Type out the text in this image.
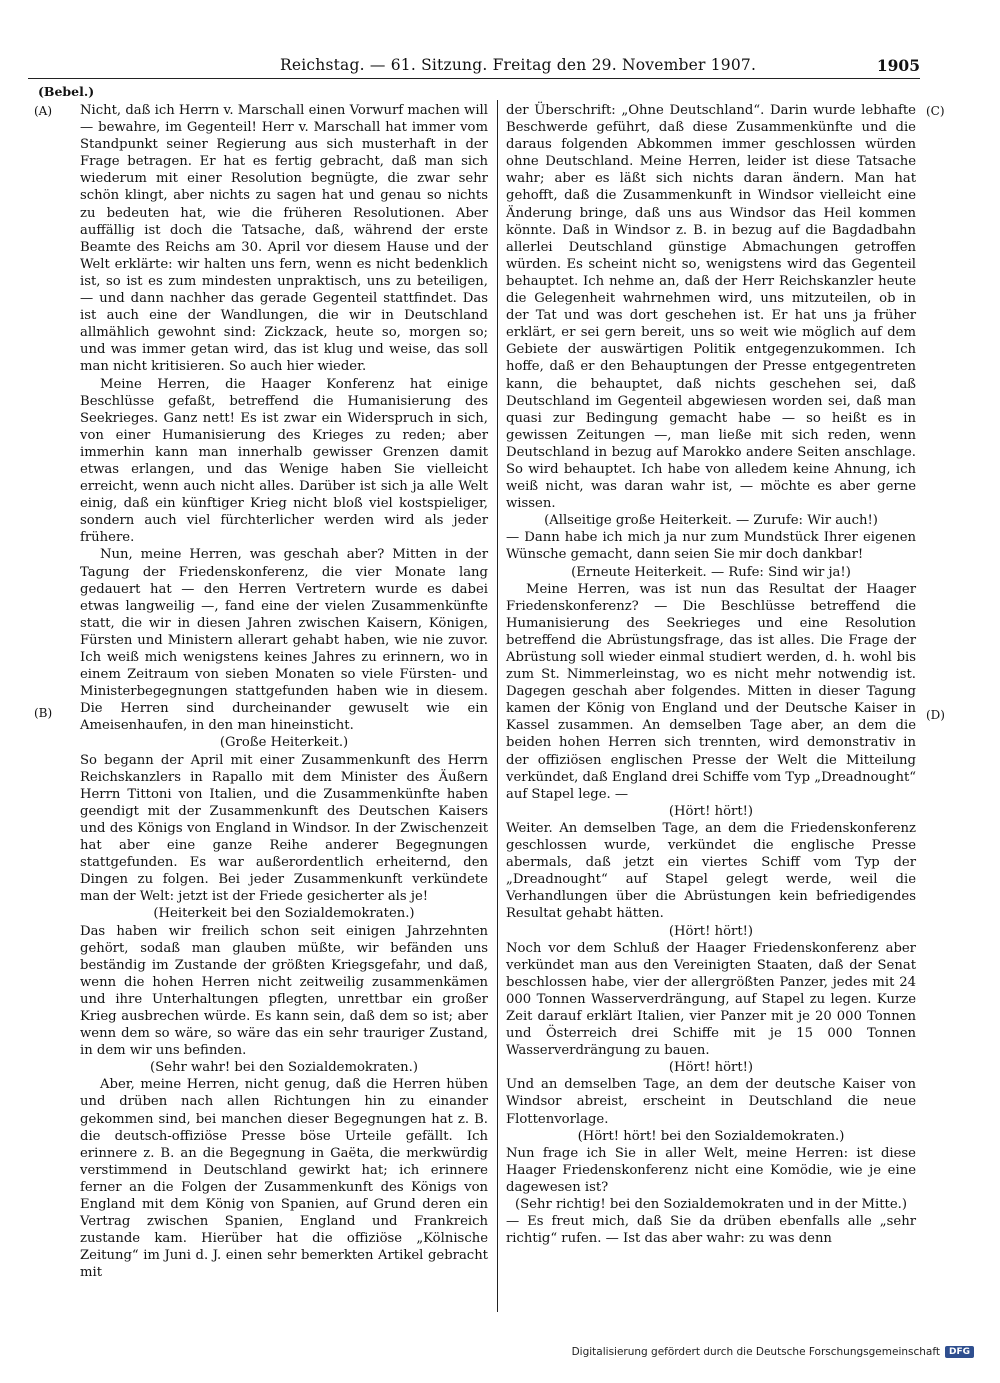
Reichstag. — 61. Sitzung. Freitag den 29. November 1907.	1905
(Bebel.)
(A)
(B)
(C)
(D)

Nicht, daß ich Herrn v. Marschall einen Vorwurf machen will — bewahre, im Gegenteil! Herr v. Marschall hat immer vom Standpunkt seiner Regierung aus sich musterhaft in der Frage betragen. Er hat es fertig gebracht, daß man sich wiederum mit einer Resolution begnügte, die zwar sehr schön klingt, aber nichts zu sagen hat und genau so nichts zu bedeuten hat, wie die früheren Resolutionen. Aber auffällig ist doch die Tatsache, daß, während der erste Beamte des Reichs am 30. April vor diesem Hause und der Welt erklärte: wir halten uns fern, wenn es nicht bedenklich ist, so ist es zum mindesten unpraktisch, uns zu beteiligen, — und dann nachher das gerade Gegenteil stattfindet. Das ist auch eine der Wandlungen, die wir in Deutschland allmählich gewohnt sind: Zickzack, heute so, morgen so; und was immer getan wird, das ist klug und weise, das soll man nicht kritisieren. So auch hier wieder.

Meine Herren, die Haager Konferenz hat einige Beschlüsse gefaßt, betreffend die Humanisierung des Seekrieges. Ganz nett! Es ist zwar ein Widerspruch in sich, von einer Humanisierung des Krieges zu reden; aber immerhin kann man innerhalb gewisser Grenzen damit etwas erlangen, und das Wenige haben Sie vielleicht erreicht, wenn auch nicht alles. Darüber ist sich ja alle Welt einig, daß ein künftiger Krieg nicht bloß viel kostspieliger, sondern auch viel fürchterlicher werden wird als jeder frühere.

Nun, meine Herren, was geschah aber? Mitten in der Tagung der Friedenskonferenz, die vier Monate lang gedauert hat — den Herren Vertretern wurde es dabei etwas langweilig —, fand eine der vielen Zusammenkünfte statt, die wir in diesen Jahren zwischen Kaisern, Königen, Fürsten und Ministern allerart gehabt haben, wie nie zuvor. Ich weiß mich wenigstens keines Jahres zu erinnern, wo in einem Zeitraum von sieben Monaten so viele Fürsten- und Ministerbegegnungen stattgefunden haben wie in diesem. Die Herren sind durcheinander gewuselt wie ein Ameisenhaufen, in den man hineinsticht.

(Große Heiterkeit.)

So begann der April mit einer Zusammenkunft des Herrn Reichskanzlers in Rapallo mit dem Minister des Äußern Herrn Tittoni von Italien, und die Zusammenkünfte haben geendigt mit der Zusammenkunft des Deutschen Kaisers und des Königs von England in Windsor. In der Zwischenzeit hat aber eine ganze Reihe anderer Begegnungen stattgefunden. Es war außerordentlich erheiternd, den Dingen zu folgen. Bei jeder Zusammenkunft verkündete man der Welt: jetzt ist der Friede gesicherter als je!

(Heiterkeit bei den Sozialdemokraten.)

Das haben wir freilich schon seit einigen Jahrzehnten gehört, sodaß man glauben müßte, wir befänden uns beständig im Zustande der größten Kriegsgefahr, und daß, wenn die hohen Herren nicht zeitweilig zusammenkämen und ihre Unterhaltungen pflegten, unrettbar ein großer Krieg ausbrechen würde. Es kann sein, daß dem so ist; aber wenn dem so wäre, so wäre das ein sehr trauriger Zustand, in dem wir uns befinden.

(Sehr wahr! bei den Sozialdemokraten.)

Aber, meine Herren, nicht genug, daß die Herren hüben und drüben nach allen Richtungen hin zu einander gekommen sind, bei manchen dieser Begegnungen hat z. B. die deutsch-offiziöse Presse böse Urteile gefällt. Ich erinnere z. B. an die Begegnung in Gaëta, die merkwürdig verstimmend in Deutschland gewirkt hat; ich erinnere ferner an die Folgen der Zusammenkunft des Königs von England mit dem König von Spanien, auf Grund deren ein Vertrag zwischen Spanien, England und Frankreich zustande kam. Hierüber hat die offiziöse „Kölnische Zeitung“ im Juni d. J. einen sehr bemerkten Artikel gebracht mit

der Überschrift: „Ohne Deutschland“. Darin wurde lebhafte Beschwerde geführt, daß diese Zusammenkünfte und die daraus folgenden Abkommen immer geschlossen würden ohne Deutschland. Meine Herren, leider ist diese Tatsache wahr; aber es läßt sich nichts daran ändern. Man hat gehofft, daß die Zusammenkunft in Windsor vielleicht eine Änderung bringe, daß uns aus Windsor das Heil kommen könnte. Daß in Windsor z. B. in bezug auf die Bagdadbahn allerlei Deutschland günstige Abmachungen getroffen würden. Es scheint nicht so, wenigstens wird das Gegenteil behauptet. Ich nehme an, daß der Herr Reichskanzler heute die Gelegenheit wahrnehmen wird, uns mitzuteilen, ob in der Tat und was dort geschehen ist. Er hat uns ja früher erklärt, er sei gern bereit, uns so weit wie möglich auf dem Gebiete der auswärtigen Politik entgegenzukommen. Ich hoffe, daß er den Behauptungen der Presse entgegentreten kann, die behauptet, daß nichts geschehen sei, daß Deutschland im Gegenteil abgewiesen worden sei, daß man quasi zur Bedingung gemacht habe — so heißt es in gewissen Zeitungen —, man ließe mit sich reden, wenn Deutschland in bezug auf Marokko andere Seiten anschlage. So wird behauptet. Ich habe von alledem keine Ahnung, ich weiß nicht, was daran wahr ist, — möchte es aber gerne wissen.

(Allseitige große Heiterkeit. — Zurufe: Wir auch!)

— Dann habe ich mich ja nur zum Mundstück Ihrer eigenen Wünsche gemacht, dann seien Sie mir doch dankbar!

(Erneute Heiterkeit. — Rufe: Sind wir ja!)

Meine Herren, was ist nun das Resultat der Haager Friedenskonferenz? — Die Beschlüsse betreffend die Humanisierung des Seekrieges und eine Resolution betreffend die Abrüstungsfrage, das ist alles. Die Frage der Abrüstung soll wieder einmal studiert werden, d. h. wohl bis zum St. Nimmerleinstag, wo es nicht mehr notwendig ist. Dagegen geschah aber folgendes. Mitten in dieser Tagung kamen der König von England und der Deutsche Kaiser in Kassel zusammen. An demselben Tage aber, an dem die beiden hohen Herren sich trennten, wird demonstrativ in der offiziösen englischen Presse der Welt die Mitteilung verkündet, daß England drei Schiffe vom Typ „Dreadnought“ auf Stapel lege. —

(Hört! hört!)

Weiter. An demselben Tage, an dem die Friedenskonferenz geschlossen wurde, verkündet die englische Presse abermals, daß jetzt ein viertes Schiff vom Typ der „Dreadnought“ auf Stapel gelegt werde, weil die Verhandlungen über die Abrüstungen kein befriedigendes Resultat gehabt hätten.

(Hört! hört!)

Noch vor dem Schluß der Haager Friedenskonferenz aber verkündet man aus den Vereinigten Staaten, daß der Senat beschlossen habe, vier der allergrößten Panzer, jedes mit 24 000 Tonnen Wasserverdrängung, auf Stapel zu legen. Kurze Zeit darauf erklärt Italien, vier Panzer mit je 20 000 Tonnen und Österreich drei Schiffe mit je 15 000 Tonnen Wasserverdrängung zu bauen.

(Hört! hört!)

Und an demselben Tage, an dem der deutsche Kaiser von Windsor abreist, erscheint in Deutschland die neue Flottenvorlage.

(Hört! hört! bei den Sozialdemokraten.)

Nun frage ich Sie in aller Welt, meine Herren: ist diese Haager Friedenskonferenz nicht eine Komödie, wie je eine dagewesen ist?

(Sehr richtig! bei den Sozialdemokraten und in der Mitte.)

— Es freut mich, daß Sie da drüben ebenfalls alle „sehr richtig“ rufen. — Ist das aber wahr: zu was denn

Digitalisierung gefördert durch die Deutsche Forschungsgemeinschaft	DFG
